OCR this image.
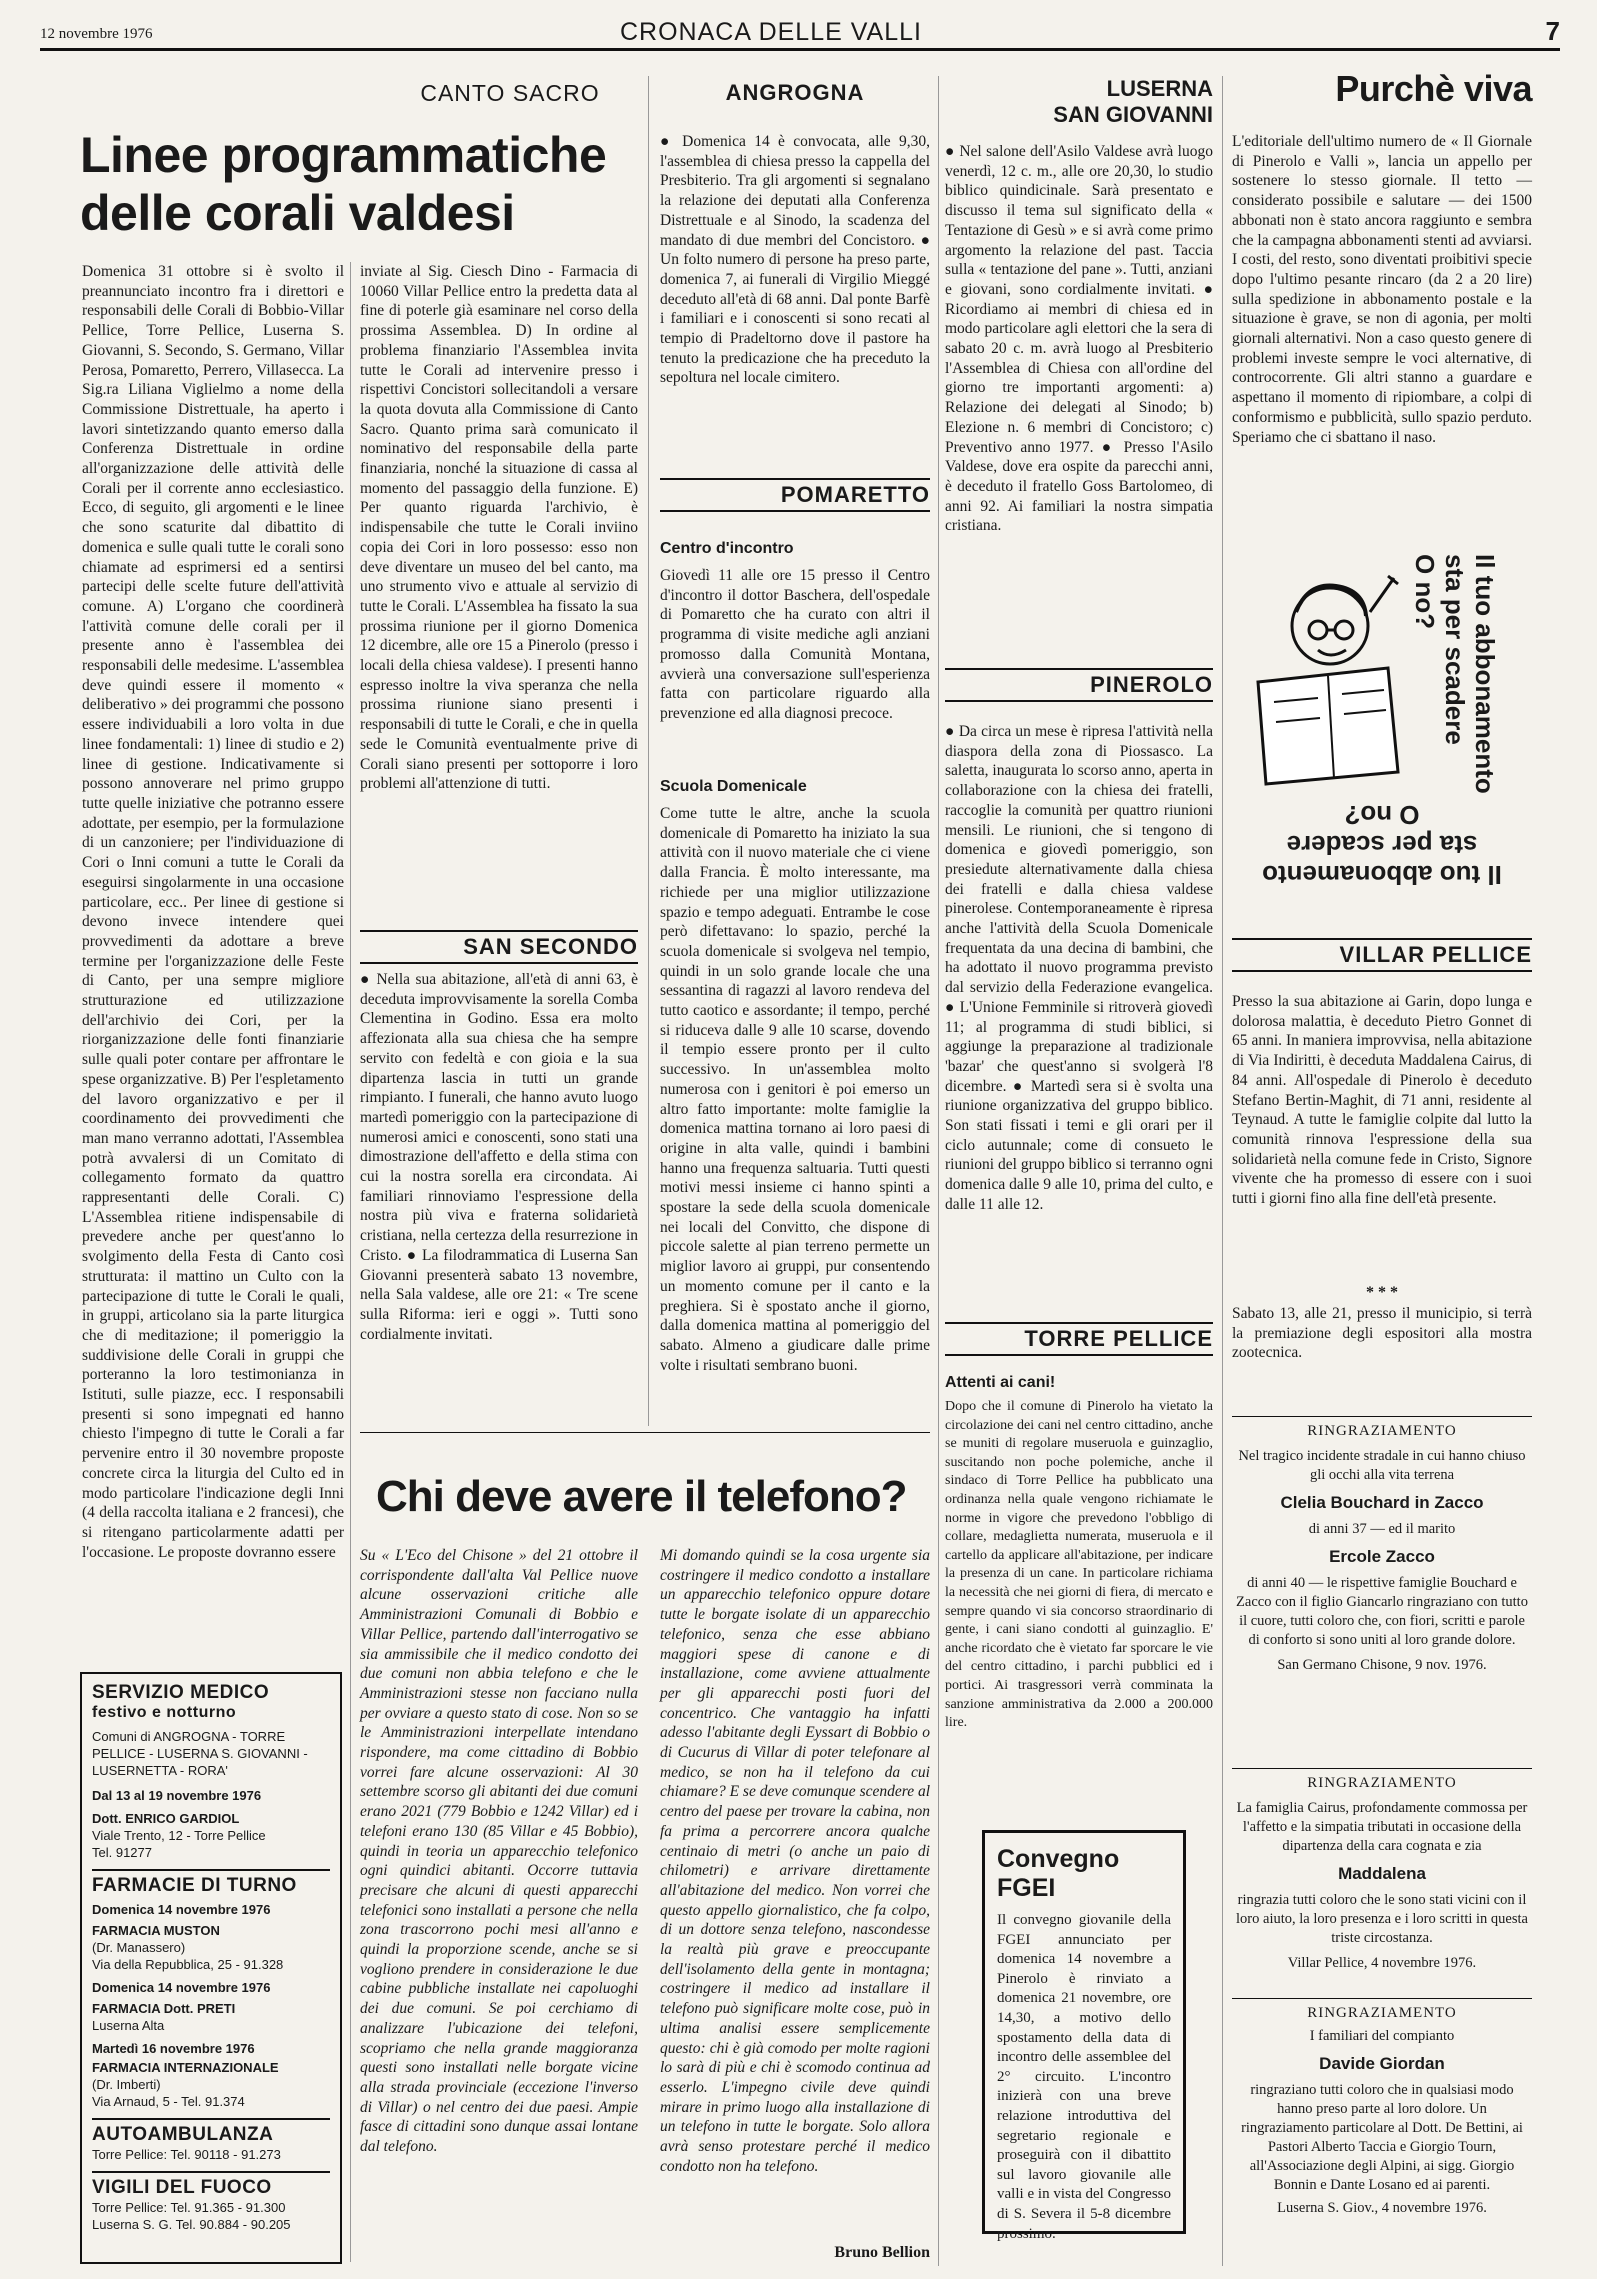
12 novembre 1976	CRONACA DELLE VALLI	7
CANTO SACRO
Linee programmatiche
delle corali valdesi
Domenica 31 ottobre si è svolto il preannunciato incontro fra i direttori e responsabili delle Corali di Bobbio-Villar Pellice, Torre Pellice, Luserna S. Giovanni, S. Secondo, S. Germano, Villar Perosa, Pomaretto, Perrero, Villasecca. La Sig.ra Liliana Viglielmo a nome della Commissione Distrettuale, ha aperto i lavori sintetizzando quanto emerso dalla Conferenza Distrettuale in ordine all'organizzazione delle attività delle Corali per il corrente anno ecclesiastico. Ecco, di seguito, gli argomenti e le linee che sono scaturite dal dibattito di domenica e sulle quali tutte le corali sono chiamate ad esprimersi ed a sentirsi partecipi delle scelte future dell'attività comune. A) L'organo che coordinerà l'attività comune delle corali per il presente anno è l'assemblea dei responsabili delle medesime. L'assemblea deve quindi essere il momento « deliberativo » dei programmi che possono essere individuabili a loro volta in due linee fondamentali: 1) linee di studio e 2) linee di gestione. Indicativamente si possono annoverare nel primo gruppo tutte quelle iniziative che potranno essere adottate, per esempio, per la formulazione di un canzoniere; per l'individuazione di Cori o Inni comuni a tutte le Corali da eseguirsi singolarmente in una occasione particolare, ecc.. Per linee di gestione si devono invece intendere quei provvedimenti da adottare a breve termine per l'organizzazione delle Feste di Canto, per una sempre migliore strutturazione ed utilizzazione dell'archivio dei Cori, per la riorganizzazione delle fonti finanziarie sulle quali poter contare per affrontare le spese organizzative. B) Per l'espletamento del lavoro organizzativo e per il coordinamento dei provvedimenti che man mano verranno adottati, l'Assemblea potrà avvalersi di un Comitato di collegamento formato da quattro rappresentanti delle Corali. C) L'Assemblea ritiene indispensabile di prevedere anche per quest'anno lo svolgimento della Festa di Canto così strutturata: il mattino un Culto con la partecipazione di tutte le Corali le quali, in gruppi, articolano sia la parte liturgica che di meditazione; il pomeriggio la suddivisione delle Corali in gruppi che porteranno la loro testimonianza in Istituti, sulle piazze, ecc. I responsabili presenti si sono impegnati ed hanno chiesto l'impegno di tutte le Corali a far pervenire entro il 30 novembre proposte concrete circa la liturgia del Culto ed in modo particolare l'indicazione degli Inni (4 della raccolta italiana e 2 francesi), che si ritengano particolarmente adatti per l'occasione. Le proposte dovranno essere
inviate al Sig. Ciesch Dino - Farmacia di 10060 Villar Pellice entro la predetta data al fine di poterle già esaminare nel corso della prossima Assemblea. D) In ordine al problema finanziario l'Assemblea invita tutte le Corali ad intervenire presso i rispettivi Concistori sollecitandoli a versare la quota dovuta alla Commissione di Canto Sacro. Quanto prima sarà comunicato il nominativo del responsabile della parte finanziaria, nonché la situazione di cassa al momento del passaggio della funzione. E) Per quanto riguarda l'archivio, è indispensabile che tutte le Corali inviino copia dei Cori in loro possesso: esso non deve diventare un museo del bel canto, ma uno strumento vivo e attuale al servizio di tutte le Corali. L'Assemblea ha fissato la sua prossima riunione per il giorno Domenica 12 dicembre, alle ore 15 a Pinerolo (presso i locali della chiesa valdese). I presenti hanno espresso inoltre la viva speranza che nella prossima riunione siano presenti i responsabili di tutte le Corali, e che in quella sede le Comunità eventualmente prive di Corali siano presenti per sottoporre i loro problemi all'attenzione di tutti.
SAN SECONDO
● Nella sua abitazione, all'età di anni 63, è deceduta improvvisamente la sorella Comba Clementina in Godino. Essa era molto affezionata alla sua chiesa che ha sempre servito con fedeltà e con gioia e la sua dipartenza lascia in tutti un grande rimpianto. I funerali, che hanno avuto luogo martedì pomeriggio con la partecipazione di numerosi amici e conoscenti, sono stati una dimostrazione dell'affetto e della stima con cui la nostra sorella era circondata. Ai familiari rinnoviamo l'espressione della nostra più viva e fraterna solidarietà cristiana, nella certezza della resurrezione in Cristo. ● La filodrammatica di Luserna San Giovanni presenterà sabato 13 novembre, nella Sala valdese, alle ore 21: « Tre scene sulla Riforma: ieri e oggi ». Tutti sono cordialmente invitati.
ANGROGNA
● Domenica 14 è convocata, alle 9,30, l'assemblea di chiesa presso la cappella del Presbiterio. Tra gli argomenti si segnalano la relazione dei deputati alla Conferenza Distrettuale e al Sinodo, la scadenza del mandato di due membri del Concistoro. ● Un folto numero di persone ha preso parte, domenica 7, ai funerali di Virgilio Mieggé deceduto all'età di 68 anni. Dal ponte Barfè i familiari e i conoscenti si sono recati al tempio di Pradeltorno dove il pastore ha tenuto la predicazione che ha preceduto la sepoltura nel locale cimitero.
POMARETTO
Centro d'incontro
Giovedì 11 alle ore 15 presso il Centro d'incontro il dottor Baschera, dell'ospedale di Pomaretto che ha curato con altri il programma di visite mediche agli anziani promosso dalla Comunità Montana, avvierà una conversazione sull'esperienza fatta con particolare riguardo alla prevenzione ed alla diagnosi precoce.
Scuola Domenicale
Come tutte le altre, anche la scuola domenicale di Pomaretto ha iniziato la sua attività con il nuovo materiale che ci viene dalla Francia. È molto interessante, ma richiede per una miglior utilizzazione spazio e tempo adeguati. Entrambe le cose però difettavano: lo spazio, perché la scuola domenicale si svolgeva nel tempio, quindi in un solo grande locale che una sessantina di ragazzi al lavoro rendeva del tutto caotico e assordante; il tempo, perché si riduceva dalle 9 alle 10 scarse, dovendo il tempio essere pronto per il culto successivo. In un'assemblea molto numerosa con i genitori è poi emerso un altro fatto importante: molte famiglie la domenica mattina tornano ai loro paesi di origine in alta valle, quindi i bambini hanno una frequenza saltuaria. Tutti questi motivi messi insieme ci hanno spinti a spostare la sede della scuola domenicale nei locali del Convitto, che dispone di piccole salette al pian terreno permette un miglior lavoro ai gruppi, pur consentendo un momento comune per il canto e la preghiera. Si è spostato anche il giorno, dalla domenica mattina al pomeriggio del sabato. Almeno a giudicare dalle prime volte i risultati sembrano buoni.
LUSERNA
SAN GIOVANNI
● Nel salone dell'Asilo Valdese avrà luogo venerdì, 12 c. m., alle ore 20,30, lo studio biblico quindicinale. Sarà presentato e discusso il tema sul significato della « Tentazione di Gesù » e si avrà come primo argomento la relazione del past. Taccia sulla « tentazione del pane ». Tutti, anziani e giovani, sono cordialmente invitati. ● Ricordiamo ai membri di chiesa ed in modo particolare agli elettori che la sera di sabato 20 c. m. avrà luogo al Presbiterio l'Assemblea di Chiesa con all'ordine del giorno tre importanti argomenti: a) Relazione dei delegati al Sinodo; b) Elezione n. 6 membri di Concistoro; c) Preventivo anno 1977. ● Presso l'Asilo Valdese, dove era ospite da parecchi anni, è deceduto il fratello Goss Bartolomeo, di anni 92. Ai familiari la nostra simpatia cristiana.
PINEROLO
● Da circa un mese è ripresa l'attività nella diaspora della zona di Piossasco. La saletta, inaugurata lo scorso anno, aperta in collaborazione con la chiesa dei fratelli, raccoglie la comunità per quattro riunioni mensili. Le riunioni, che si tengono di domenica e giovedì pomeriggio, son presiedute alternativamente dalla chiesa dei fratelli e dalla chiesa valdese pinerolese. Contemporaneamente è ripresa anche l'attività della Scuola Domenicale frequentata da una decina di bambini, che ha adottato il nuovo programma previsto dal servizio della Federazione evangelica. ● L'Unione Femminile si ritroverà giovedì 11; al programma di studi biblici, si aggiunge la preparazione al tradizionale 'bazar' che quest'anno si svolgerà l'8 dicembre. ● Martedì sera si è svolta una riunione organizzativa del gruppo biblico. Son stati fissati i temi e gli orari per il ciclo autunnale; come di consueto le riunioni del gruppo biblico si terranno ogni domenica dalle 9 alle 10, prima del culto, e dalle 11 alle 12.
TORRE PELLICE
Attenti ai cani!
Dopo che il comune di Pinerolo ha vietato la circolazione dei cani nel centro cittadino, anche se muniti di regolare museruola e guinzaglio, suscitando non poche polemiche, anche il sindaco di Torre Pellice ha pubblicato una ordinanza nella quale vengono richiamate le norme in vigore che prevedono l'obbligo di collare, medaglietta numerata, museruola e il cartello da applicare all'abitazione, per indicare la presenza di un cane. In particolare richiama la necessità che nei giorni di fiera, di mercato e sempre quando vi sia concorso straordinario di gente, i cani siano condotti al guinzaglio. E' anche ricordato che è vietato far sporcare le vie del centro cittadino, i parchi pubblici ed i portici. Ai trasgressori verrà comminata la sanzione amministrativa da 2.000 a 200.000 lire.
Chi deve avere il telefono?
Su « L'Eco del Chisone » del 21 ottobre il corrispondente dall'alta Val Pellice nuove alcune osservazioni critiche alle Amministrazioni Comunali di Bobbio e Villar Pellice, partendo dall'interrogativo se sia ammissibile che il medico condotto dei due comuni non abbia telefono e che le Amministrazioni stesse non facciano nulla per ovviare a questo stato di cose. Non so se le Amministrazioni interpellate intendano rispondere, ma come cittadino di Bobbio vorrei fare alcune osservazioni: Al 30 settembre scorso gli abitanti dei due comuni erano 2021 (779 Bobbio e 1242 Villar) ed i telefoni erano 130 (85 Villar e 45 Bobbio), quindi in teoria un apparecchio telefonico ogni quindici abitanti. Occorre tuttavia precisare che alcuni di questi apparecchi telefonici sono installati a persone che nella zona trascorrono pochi mesi all'anno e quindi la proporzione scende, anche se si vogliono prendere in considerazione le due cabine pubbliche installate nei capoluoghi dei due comuni. Se poi cerchiamo di analizzare l'ubicazione dei telefoni, scopriamo che nella grande maggioranza questi sono installati nelle borgate vicine alla strada provinciale (eccezione l'inverso di Villar) o nel centro dei due paesi. Ampie fasce di cittadini sono dunque assai lontane dal telefono.
Mi domando quindi se la cosa urgente sia costringere il medico condotto a installare un apparecchio telefonico oppure dotare tutte le borgate isolate di un apparecchio telefonico, senza che esse abbiano maggiori spese di canone e di installazione, come avviene attualmente per gli apparecchi posti fuori del concentrico. Che vantaggio ha infatti adesso l'abitante degli Eyssart di Bobbio o di Cucurus di Villar di poter telefonare al medico, se non ha il telefono da cui chiamare? E se deve comunque scendere al centro del paese per trovare la cabina, non fa prima a percorrere ancora qualche centinaio di metri (o anche un paio di chilometri) e arrivare direttamente all'abitazione del medico. Non vorrei che questo appello giornalistico, che fa colpo, di un dottore senza telefono, nascondesse la realtà più grave e preoccupante dell'isolamento della gente in montagna; costringere il medico ad installare il telefono può significare molte cose, può in ultima analisi essere semplicemente questo: chi è già comodo per molte ragioni lo sarà di più e chi è scomodo continua ad esserlo. L'impegno civile deve quindi mirare in primo luogo alla installazione di un telefono in tutte le borgate. Solo allora avrà senso protestare perché il medico condotto non ha telefono.
Bruno Bellion
SERVIZIO MEDICO
festivo e notturno
Comuni di ANGROGNA - TORRE PELLICE - LUSERNA S. GIOVANNI - LUSERNETTA - RORA'
Dal 13 al 19 novembre 1976
Dott. ENRICO GARDIOL
Viale Trento, 12 - Torre Pellice
Tel. 91277
FARMACIE DI TURNO
Domenica 14 novembre 1976
FARMACIA MUSTON
(Dr. Manassero)
Via della Repubblica, 25 - 91.328
Domenica 14 novembre 1976
FARMACIA Dott. PRETI
Luserna Alta
Martedì 16 novembre 1976
FARMACIA INTERNAZIONALE
(Dr. Imberti)
Via Arnaud, 5 - Tel. 91.374
AUTOAMBULANZA
Torre Pellice: Tel. 90118 - 91.273
VIGILI DEL FUOCO
Torre Pellice: Tel. 91.365 - 91.300
Luserna S. G. Tel. 90.884 - 90.205
Convegno FGEI
Il convegno giovanile della FGEI annunciato per domenica 14 novembre a Pinerolo è rinviato a domenica 21 novembre, ore 14,30, a motivo dello spostamento della data di incontro delle assemblee del 2° circuito. L'incontro inizierà con una breve relazione introduttiva del segretario regionale e proseguirà con il dibattito sul lavoro giovanile alle valli e in vista del Congresso di S. Severa il 5-8 dicembre prossimo.
Purchè viva
L'editoriale dell'ultimo numero de « Il Giornale di Pinerolo e Valli », lancia un appello per sostenere lo stesso giornale. Il tetto — considerato possibile e salutare — dei 1500 abbonati non è stato ancora raggiunto e sembra che la campagna abbonamenti stenti ad avviarsi. I costi, del resto, sono diventati proibitivi specie dopo l'ultimo pesante rincaro (da 2 a 20 lire) sulla spedizione in abbonamento postale e la situazione è grave, se non di agonia, per molti giornali alternativi. Non a caso questo genere di problemi investe sempre le voci alternative, di controcorrente. Gli altri stanno a guardare e aspettano il momento di ripiombare, a colpi di conformismo e pubblicità, sullo spazio perduto. Speriamo che ci sbattano il naso.
Il tuo abbonamento
sta per scadere
O no?
Il tuo abbonamento
sta per scadere
O no?
VILLAR PELLICE
Presso la sua abitazione ai Garin, dopo lunga e dolorosa malattia, è deceduto Pietro Gonnet di 65 anni. In maniera improvvisa, nella abitazione di Via Indiritti, è deceduta Maddalena Cairus, di 84 anni. All'ospedale di Pinerolo è deceduto Stefano Bertin-Maghit, di 71 anni, residente al Teynaud. A tutte le famiglie colpite dal lutto la comunità rinnova l'espressione della sua solidarietà nella comune fede in Cristo, Signore vivente che ha promesso di essere con i suoi tutti i giorni fino alla fine dell'età presente.
* * *
Sabato 13, alle 21, presso il municipio, si terrà la premiazione degli espositori alla mostra zootecnica.
RINGRAZIAMENTO
Nel tragico incidente stradale in cui hanno chiuso gli occhi alla vita terrena
Clelia Bouchard in Zacco
di anni 37 — ed il marito
Ercole Zacco
di anni 40 — le rispettive famiglie Bouchard e Zacco con il figlio Giancarlo ringraziano con tutto il cuore, tutti coloro che, con fiori, scritti e parole di conforto si sono uniti al loro grande dolore.
San Germano Chisone, 9 nov. 1976.
RINGRAZIAMENTO
La famiglia Cairus, profondamente commossa per l'affetto e la simpatia tributati in occasione della dipartenza della cara cognata e zia
Maddalena
ringrazia tutti coloro che le sono stati vicini con il loro aiuto, la loro presenza e i loro scritti in questa triste circostanza.
Villar Pellice, 4 novembre 1976.
RINGRAZIAMENTO
I familiari del compianto
Davide Giordan
ringraziano tutti coloro che in qualsiasi modo hanno preso parte al loro dolore. Un ringraziamento particolare al Dott. De Bettini, ai Pastori Alberto Taccia e Giorgio Tourn, all'Associazione degli Alpini, ai sigg. Giorgio Bonnin e Dante Losano ed ai parenti.
Luserna S. Giov., 4 novembre 1976.
